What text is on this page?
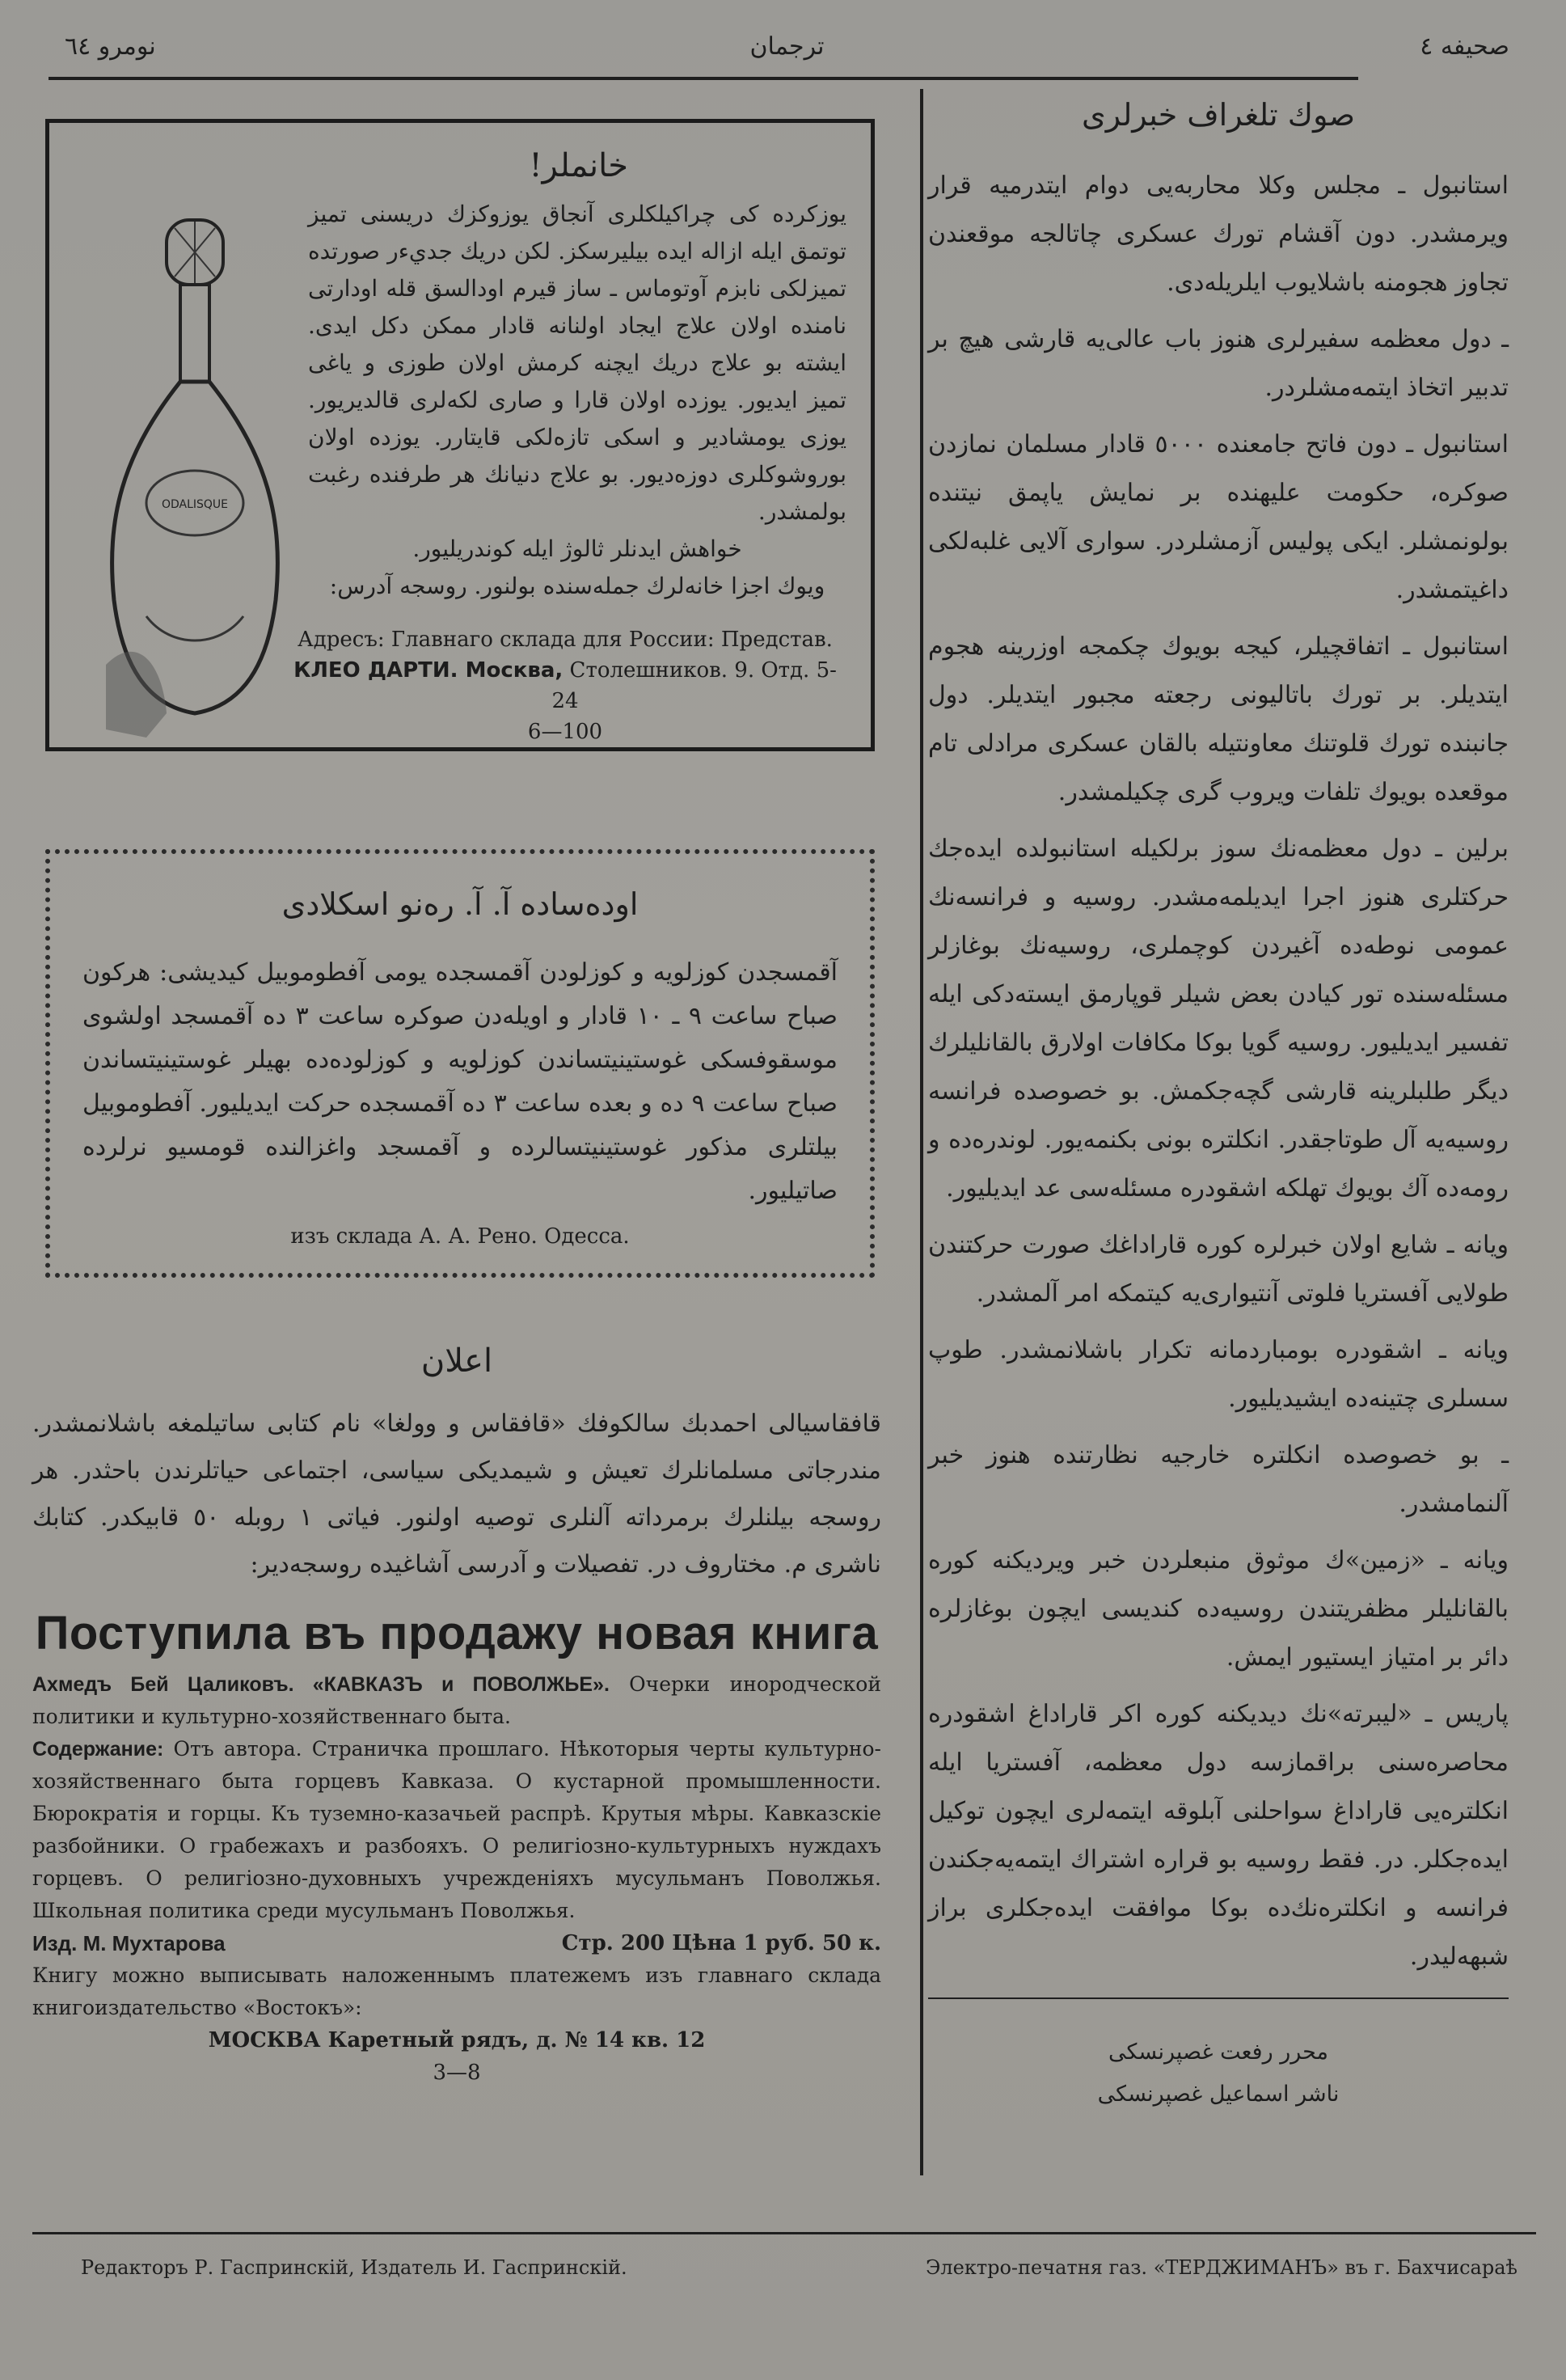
نومرو ٦٤	ترجمان	صحيفه ٤
ODALISQUE
خانملر!
يوزكرده كى چراكيلكلرى آنجاق يوزوكزك دريسنى تميز توتمق ايله ازاله ايده بيليرسكز. لكن دريك جدي‌ءر صورتده تميزلكى نابزم آوتوماس ـ ساز قيرم اودالسق قله اودارتى نامنده اولان علاج ايجاد اولنانه قادار ممكن دكل ايدى. ايشته بو علاج دريك ايچنه كرمش اولان طوزى و ياغى تميز ايديور. يوزده اولان قارا و صارى لكه‌لرى قالديريور. يوزى يومشادير و اسكى تازه‌لكى قايتارر. يوزده اولان بوروشوكلرى دوزه‌ديور. بو علاج دنيانك هر طرفنده رغبت بولمشدر.
خواهش ايدنلر ثالوژ ايله كوندريليور.
ويوك اجزا خانه‌لرك جمله‌سنده بولنور. روسجه آدرس:
Адресъ: Главнаго склада для России: Представ.
КЛЕО ДАРТИ. Москва, Столешников. 9. Отд. 5-24
6—100
اودەساده آ. آ. رەنو اسكلادى
آقمسجدن كوزلويه و كوزلودن آقمسجده يومى آفطوموبيل كيديشى: هركون صباح ساعت ٩ ـ ١٠ قادار و اويله‌دن صوكره ساعت ٣ ده آقمسجد اولشوى موسقوفسكى غوستينيتساندن كوزلويه و كوزلوده‌ده بهيلر غوستينيتساندن صباح ساعت ٩ ده و بعده ساعت ٣ ده آقمسجده حركت ايديليور. آفطوموبيل بيلتلرى مذكور غوستينيتسالرده و آقمسجد واغزالنده قومسيو نرلرده صاتيليور.
изъ склада А. А. Рено. Одесса.
اعلان
قافقاسيالى احمدبك سالكوفك «قافقاس و وولغا» نام كتابى ساتيلمغه باشلانمشدر. مندرجاتى مسلمانلرك تعيش و شيمديكى سياسى، اجتماعى حياتلرندن باحثدر. هر روسجه بيلنلرك برمرداته آلنلرى توصيه اولنور. فياتى ١ روبله ٥٠ قابيكدر. كتابك ناشرى م. مختاروف در. تفصيلات و آدرسى آشاغيده روسجه‌دير:
Поступила въ продажу новая книга
Ахмедъ Бей Цаликовъ. «КАВКАЗЪ и ПОВОЛЖЬЕ». Очерки инородческой политики и культурно-хозяйственнаго быта.
Содержание: Отъ автора. Страничка прошлаго. Нѣкоторыя черты культурно-хозяйственнаго быта горцевъ Кавказа. О кустарной промышленности. Бюрократія и горцы. Къ туземно-казачьей распрѣ. Крутыя мѣры. Кавказскіе разбойники. О грабежахъ и разбояхъ. О религіозно-культурныхъ нуждахъ горцевъ. О религіозно-духовныхъ учрежденіяхъ мусульманъ Поволжья. Школьная политика среди мусульманъ Поволжья.
Изд. М. Мухтарова	Стр. 200 Цѣна 1 руб. 50 к.
Книгу можно выписывать наложеннымъ платежемъ изъ главнаго склада книгоиздательство «Востокъ»:
МОСКВА Каретный рядъ, д. № 14 кв. 12
3—8
صوك تلغراف خبرلرى

استانبول ـ مجلس وكلا محاربه‌يى دوام ايتدرميه قرار ويرمشدر. دون آقشام تورك عسكرى چاتالجه موقعندن تجاوز هجومنه باشلايوب ايلريله‌دى.

ـ دول معظمه سفيرلرى هنوز باب عالى‌يه قارشى هيچ بر تدبير اتخاذ ايتمه‌مشلردر.

استانبول ـ دون فاتح جامعنده ٥٠٠٠ قادار مسلمان نمازدن صوكره، حكومت عليهنده بر نمايش ياپمق نيتنده بولونمشلر. ايكى پوليس آزمشلردر. سوارى آلايى غلبه‌لكى داغيتمشدر.

استانبول ـ اتفاقچيلر، كيجه بويوك چكمجه اوزرينه هجوم ايتديلر. بر تورك باتاليونى رجعته مجبور ايتديلر. دول جانبنده تورك قلوتنك معاونتيله بالقان عسكرى مرادلى تام موقعده بويوك تلفات ويروب گرى چكيلمشدر.

برلين ـ دول معظمه‌نك سوز برلكيله استانبولده ايده‌جك حركتلرى هنوز اجرا ايديلمه‌مشدر. روسيه و فرانسه‌نك عمومى نوطه‌ده آغيردن كوچملرى، روسيه‌نك بوغازلر مسئله‌سنده تور كيادن بعض شيلر قوپارمق ايسته‌دكى ايله تفسير ايديليور. روسيه گويا بوكا مكافات اولارق بالقانليلرك ديگر طلبلرينه قارشى گچه‌جكمش. بو خصوصده فرانسه روسيه‌يه آل طوتاجقدر. انكلتره بونى بكنمه‌يور. لوندره‌ده و رومه‌ده آك بويوك تهلكه اشقودره مسئله‌سى عد ايديليور.

ويانه ـ شايع اولان خبرلره كوره قاراداغك صورت حركتندن طولايى آفستريا فلوتى آنتيوارى‌يه كيتمكه امر آلمشدر.

ويانه ـ اشقودره بومباردمانه تكرار باشلانمشدر. طوپ سسلرى چتينه‌ده ايشيديليور.

ـ بو خصوصده انكلتره خارجيه نظارتنده هنوز خبر آلنمامشدر.

ويانه ـ «زمين»ك موثوق منبعلردن خبر ويرديكنه كوره بالقانليلر مظفريتندن روسيه‌ده كنديسى ايچون بوغازلره دائر بر امتياز ايستيور ايمش.

پاريس ـ «ليبرته»نك ديديكنه كوره اكر قاراداغ اشقودره محاصره‌سنى براقمازسه دول معظمه، آفستريا ايله انكلتره‌يى قاراداغ سواحلنى آبلوقه ايتمه‌لرى ايچون توكيل ايده‌جكلر. در. فقط روسيه بو قراره اشتراك ايتمه‌يه‌جكندن فرانسه و انكلتره‌نك‌ده بوكا موافقت ايده‌جكلرى براز شبهه‌ليدر.

محرر رفعت غصپرنسكى
ناشر اسماعيل غصپرنسكى
Редакторъ Р. Гаспринскій, Издатель И. Гаспринскій.	Электро-печатня газ. «ТЕРДЖИМАНЪ» въ г. Бахчисараѣ
